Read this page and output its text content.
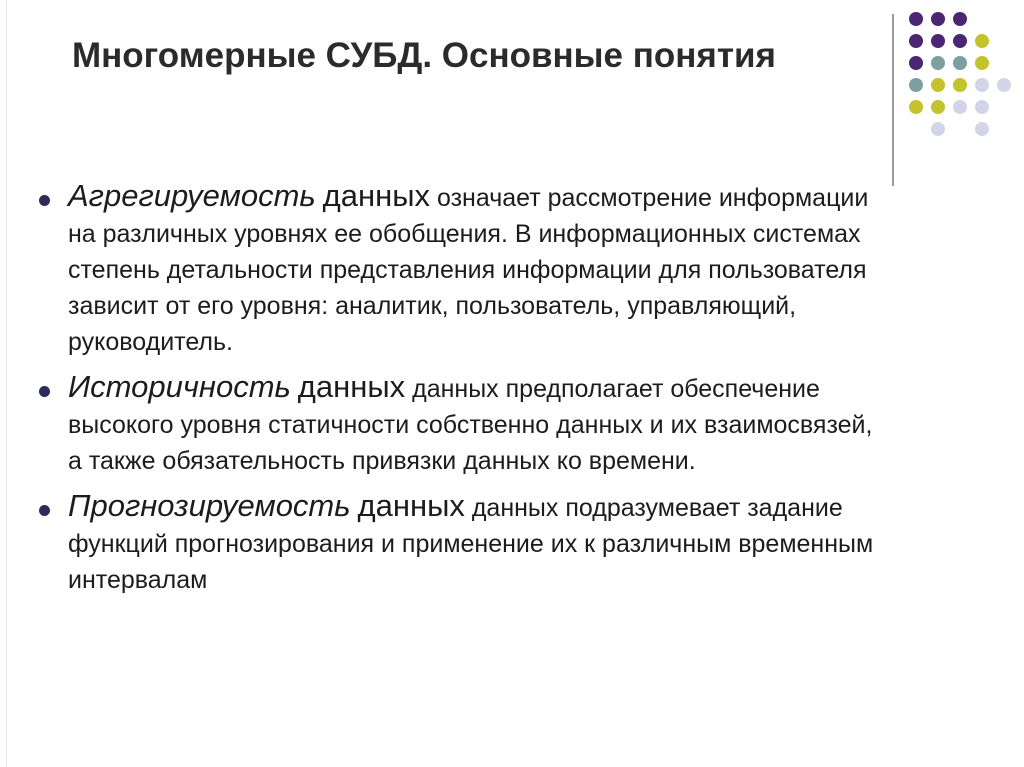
Многомерные СУБД. Основные понятия
Агрегируемость данных означает рассмотрение информации на различных уровнях ее обобщения. В информационных системах степень детальности представления информации для пользователя зависит от его уровня: аналитик, пользователь, управляющий, руководитель.
Историчность данных данных предполагает обеспечение высокого уровня статичности собственно данных и их взаимосвязей, а также обязательность привязки данных ко времени.
Прогнозируемость данных данных подразумевает задание функций прогнозирования и применение их к различным временным интервалам
